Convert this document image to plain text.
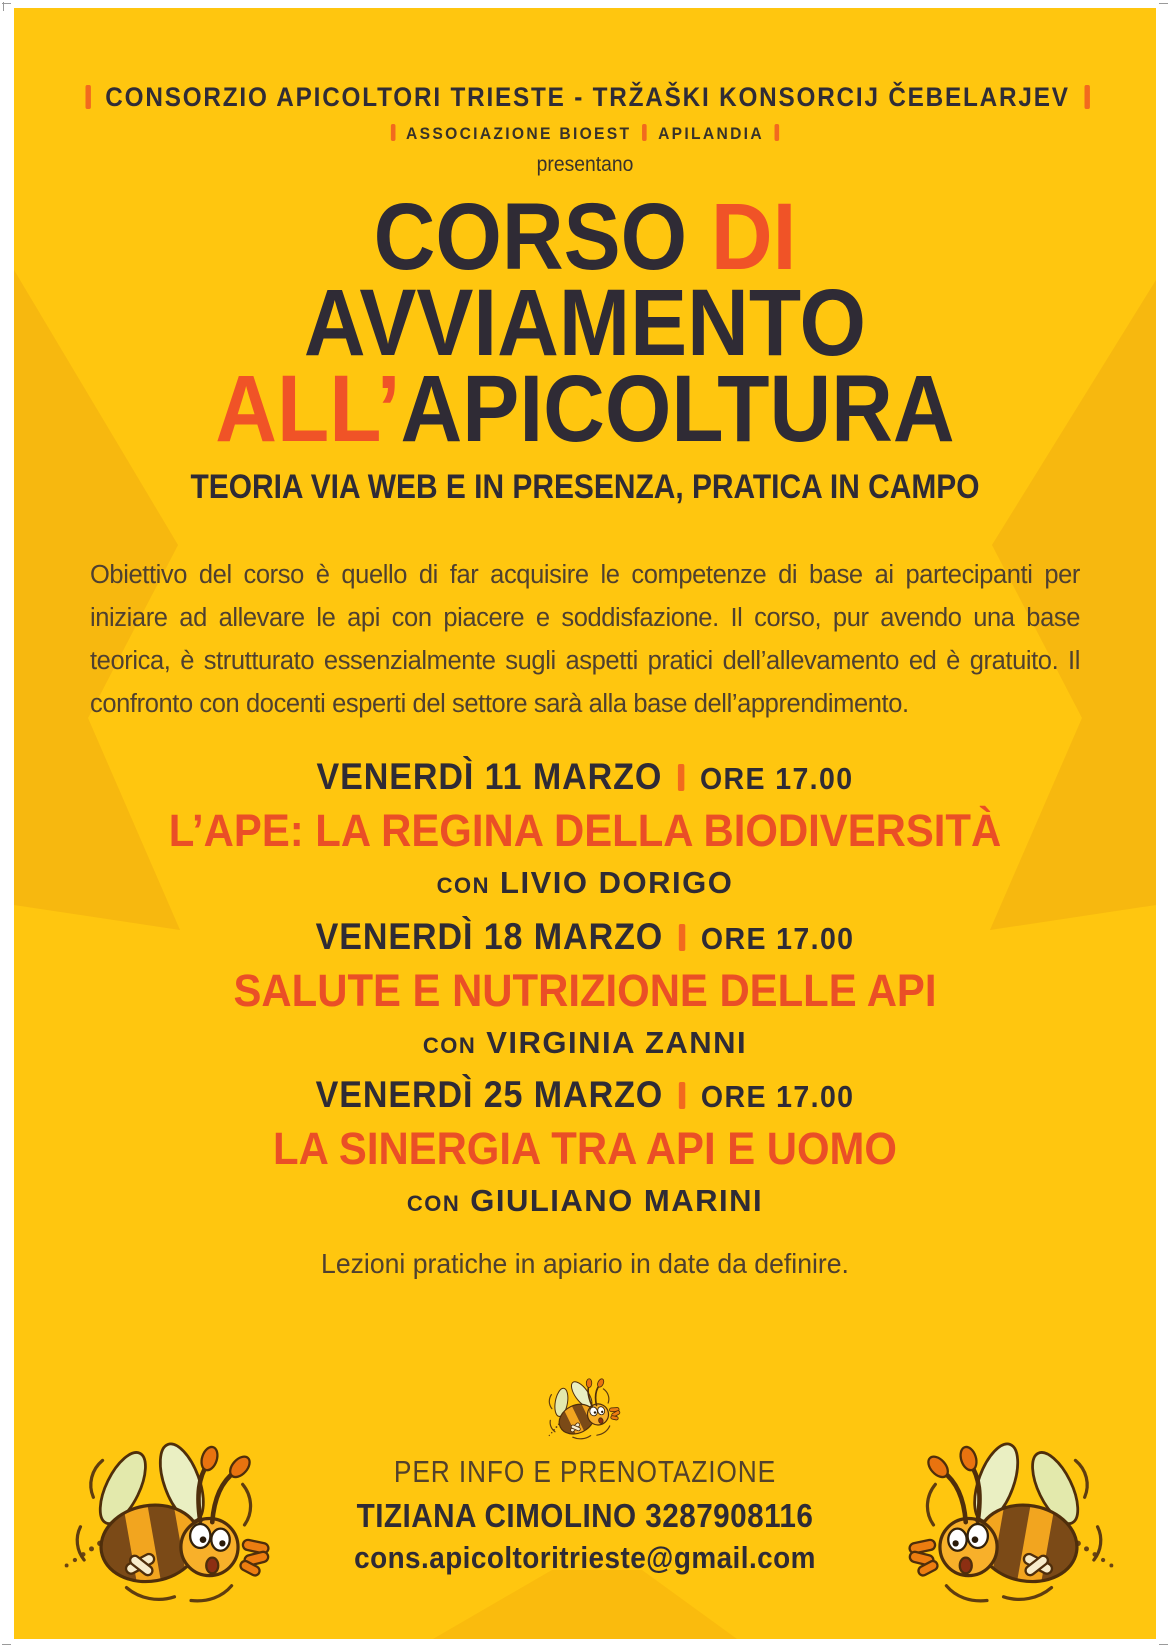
CONSORZIO APICOLTORI TRIESTE - TRŽAŠKI KONSORCIJ ČEBELARJEV
ASSOCIAZIONE BIOEST APILANDIA
presentano
CORSO DI
AVVIAMENTO
ALL’APICOLTURA
TEORIA VIA WEB E IN PRESENZA, PRATICA IN CAMPO
Obiettivo del corso è quello di far acquisire le competenze di base ai partecipanti per iniziare ad allevare le api con piacere e soddisfazione. Il corso, pur avendo una base teorica, è strutturato essenzialmente sugli aspetti pratici dell’allevamento ed è gratuito. Il confronto con docenti esperti del settore sarà alla base dell’apprendimento.
VENERDÌ 11 MARZO ORE 17.00
L’APE: LA REGINA DELLA BIODIVERSITÀ
CON LIVIO DORIGO
VENERDÌ 18 MARZO ORE 17.00
SALUTE E NUTRIZIONE DELLE API
CON VIRGINIA ZANNI
VENERDÌ 25 MARZO ORE 17.00
LA SINERGIA TRA API E UOMO
CON GIULIANO MARINI
Lezioni pratiche in apiario in date da definire.
PER INFO E PRENOTAZIONE
TIZIANA CIMOLINO 3287908116
cons.apicoltoritrieste@gmail.com
